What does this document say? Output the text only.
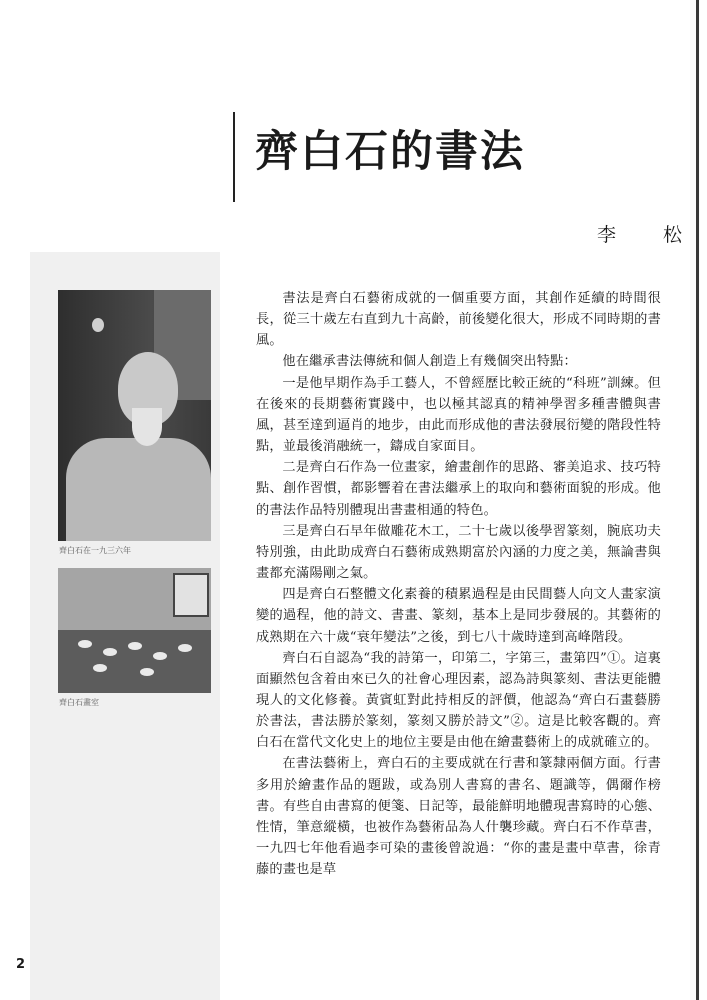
齊白石的書法
李　松
齊白石在一九三六年
齊白石畫室

書法是齊白石藝術成就的一個重要方面，其創作延續的時間很長，從三十歲左右直到九十高齡，前後變化很大，形成不同時期的書風。

他在繼承書法傳統和個人創造上有幾個突出特點：

一是他早期作為手工藝人，不曾經歷比較正統的“科班”訓練。但在後來的長期藝術實踐中，也以極其認真的精神學習多種書體與書風，甚至達到逼肖的地步，由此而形成他的書法發展衍變的階段性特點，並最後消融統一，鑄成自家面目。

二是齊白石作為一位畫家，繪畫創作的思路、審美追求、技巧特點、創作習慣，都影響着在書法繼承上的取向和藝術面貌的形成。他的書法作品特別體現出書畫相通的特色。

三是齊白石早年做雕花木工，二十七歲以後學習篆刻，腕底功夫特別強，由此助成齊白石藝術成熟期富於內涵的力度之美，無論書與畫都充滿陽剛之氣。

四是齊白石整體文化素養的積累過程是由民間藝人向文人畫家演變的過程，他的詩文、書畫、篆刻，基本上是同步發展的。其藝術的成熟期在六十歲“衰年變法”之後，到七八十歲時達到高峰階段。

齊白石自認為“我的詩第一，印第二，字第三，畫第四”①。這裏面顯然包含着由來已久的社會心理因素，認為詩與篆刻、書法更能體現人的文化修養。黃賓虹對此持相反的評價，他認為“齊白石畫藝勝於書法，書法勝於篆刻，篆刻又勝於詩文”②。這是比較客觀的。齊白石在當代文化史上的地位主要是由他在繪畫藝術上的成就確立的。

在書法藝術上，齊白石的主要成就在行書和篆隸兩個方面。行書多用於繪畫作品的題跋，或為別人書寫的書名、題識等，偶爾作榜書。有些自由書寫的便箋、日記等，最能鮮明地體現書寫時的心態、性情，筆意縱橫，也被作為藝術品為人什襲珍藏。齊白石不作草書，一九四七年他看過李可染的畫後曾說過：“你的畫是畫中草書，徐青藤的畫也是草

2
